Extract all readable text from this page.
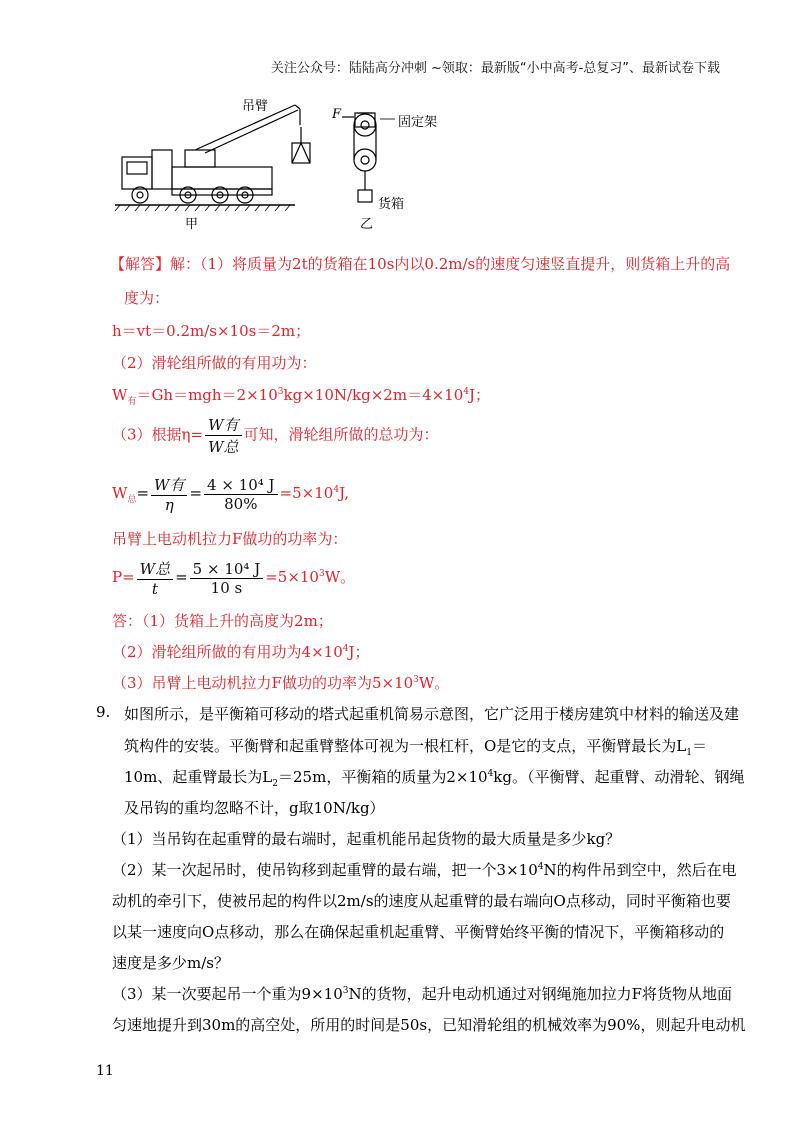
关注公众号：陆陆高分冲刺 ~领取：最新版“小中高考-总复习”、最新试卷下载
吊臂
F
固定架
货箱
甲	乙
【解答】解：（1）将质量为2t的货箱在10s内以0.2m/s的速度匀速竖直提升，则货箱上升的高
度为：
h＝vt＝0.2m/s×10s＝2m；
（2）滑轮组所做的有用功为：
$W_有=Gh=mgh=2\times 10^3kg\times 10N/kg\times 2m=4\times 10^4J$；
（3）根据$\eta= \frac{\text{W有}}{\text{W总}}$ 可知，滑轮组所做的总功为：
$W_总= \frac{\text{W有}}{\eta} = \frac{\text{4 × 10⁴ J}}{80\%} =5\times 10^4J$,
吊臂上电动机拉力F做功的功率为：
$P= \frac{\text{W总}}{t} = \frac{\text{5 × 10⁴ J}}{10 s} =5\times 10^3W$。
答：（1）货箱上升的高度为2m；
（2）滑轮组所做的有用功为$4\times 10^4J$；
（3）吊臂上电动机拉力F做功的功率为$5\times 10^3W$。
9. 如图所示，是平衡箱可移动的塔式起重机简易示意图，它广泛用于楼房建筑中材料的输送及建
筑构件的安装。平衡臂和起重臂整体可视为一根杠杆，O是它的支点，平衡臂最长为$L_1=$
10m、起重臂最长为$L_2=25m$，平衡箱的质量为$2\times 10^4kg$。（平衡臂、起重臂、动滑轮、钢绳
及吊钩的重均忽略不计，g取10N/kg）
（1）当吊钩在起重臂的最右端时，起重机能吊起货物的最大质量是多少kg？
（2）某一次起吊时，使吊钩移到起重臂的最右端，把一个$3\times 10^4N$的构件吊到空中，然后在电
动机的牵引下，使被吊起的构件以2m/s的速度从起重臂的最右端向O点移动，同时平衡箱也要
以某一速度向O点移动，那么在确保起重机起重臂、平衡臂始终平衡的情况下，平衡箱移动的
速度是多少m/s？
（3）某一次要起吊一个重为$9\times 10^3N$的货物，起升电动机通过对钢绳施加拉力F将货物从地面
匀速地提升到30m的高空处，所用的时间是50s，已知滑轮组的机械效率为90%，则起升电动机
11
